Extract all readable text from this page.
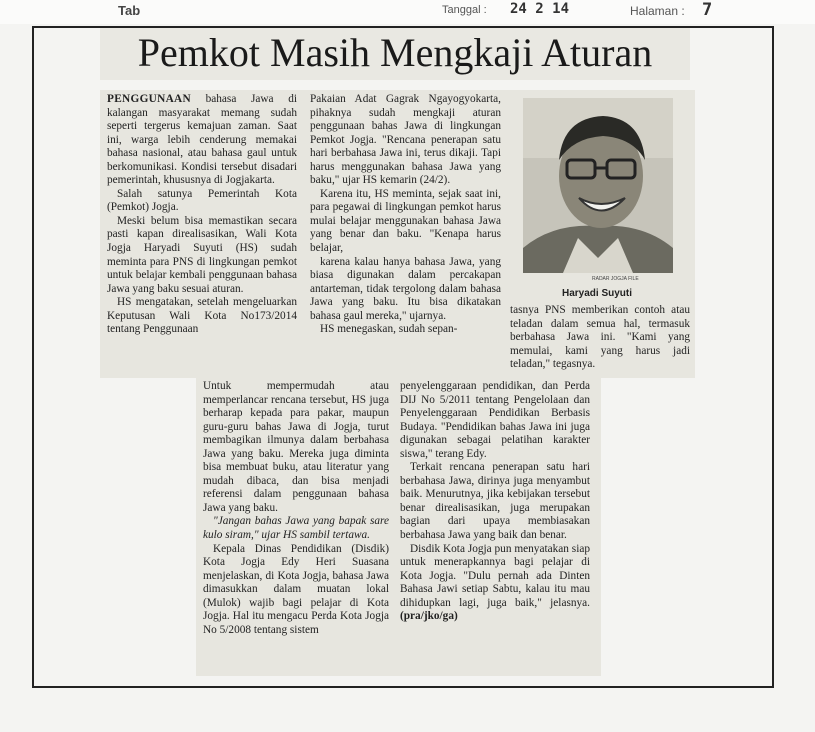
Tab	Tanggal : 24 2 14	Halaman : 7
Pemkot Masih Mengkaji Aturan

PENGGUNAAN bahasa Jawa di kalangan masyarakat memang sudah seperti tergerus kemajuan zaman. Saat ini, warga lebih cenderung memakai bahasa nasional, atau bahasa gaul untuk berkomunikasi. Kondisi tersebut disadari pemerintah, khususnya di Jogjakarta.

Salah satunya Pemerintah Kota (Pemkot) Jogja.

Meski belum bisa memastikan secara pasti kapan direalisasikan, Wali Kota Jogja Haryadi Suyuti (HS) sudah meminta para PNS di lingkungan pemkot untuk belajar kembali penggunaan bahasa Jawa yang baku sesuai aturan.

HS mengatakan, setelah mengeluarkan Keputusan Wali Kota No173/2014 tentang Penggunaan

Pakaian Adat Gagrak Ngayogyokarta, pihaknya sudah mengkaji aturan penggunaan bahas Jawa di lingkungan Pemkot Jogja. "Rencana penerapan satu hari berbahasa Jawa ini, terus dikaji. Tapi harus menggunakan bahasa Jawa yang baku," ujar HS kemarin (24/2).

Karena itu, HS meminta, sejak saat ini, para pegawai di lingkungan pemkot harus mulai belajar menggunakan bahasa Jawa yang benar dan baku. "Kenapa harus belajar,

karena kalau hanya bahasa Jawa, yang biasa digunakan dalam percakapan antarteman, tidak tergolong dalam bahasa Jawa yang baku. Itu bisa dikatakan bahasa gaul mereka," ujarnya.

HS menegaskan, sudah sepan-

RADAR JOGJA FILE
Haryadi Suyuti

tasnya PNS memberikan contoh atau teladan dalam semua hal, termasuk berbahasa Jawa ini. "Kami yang memulai, kami yang harus jadi teladan," tegasnya.

Untuk mempermudah atau memperlancar rencana tersebut, HS juga berharap kepada para pakar, maupun guru-guru bahas Jawa di Jogja, turut membagikan ilmunya dalam berbahasa Jawa yang baku. Mereka juga diminta bisa membuat buku, atau literatur yang mudah dibaca, dan bisa menjadi referensi dalam penggunaan bahasa Jawa yang baku.

"Jangan bahas Jawa yang bapak sare kulo siram," ujar HS sambil tertawa.

Kepala Dinas Pendidikan (Disdik) Kota Jogja Edy Heri Suasana menjelaskan, di Kota Jogja, bahasa Jawa dimasukkan dalam muatan lokal (Mulok) wajib bagi pelajar di Kota Jogja. Hal itu mengacu Perda Kota Jogja No 5/2008 tentang sistem

penyelenggaraan pendidikan, dan Perda DIJ No 5/2011 tentang Pengelolaan dan Penyelenggaraan Pendidikan Berbasis Budaya. "Pendidikan bahas Jawa ini juga digunakan sebagai pelatihan karakter siswa," terang Edy.

Terkait rencana penerapan satu hari berbahasa Jawa, dirinya juga menyambut baik. Menurutnya, jika kebijakan tersebut benar direalisasikan, juga merupakan bagian dari upaya membiasakan berbahasa Jawa yang baik dan benar.

Disdik Kota Jogja pun menyatakan siap untuk menerapkannya bagi pelajar di Kota Jogja. "Dulu pernah ada Dinten Bahasa Jawi setiap Sabtu, kalau itu mau dihidupkan lagi, juga baik," jelasnya. (pra/jko/ga)
